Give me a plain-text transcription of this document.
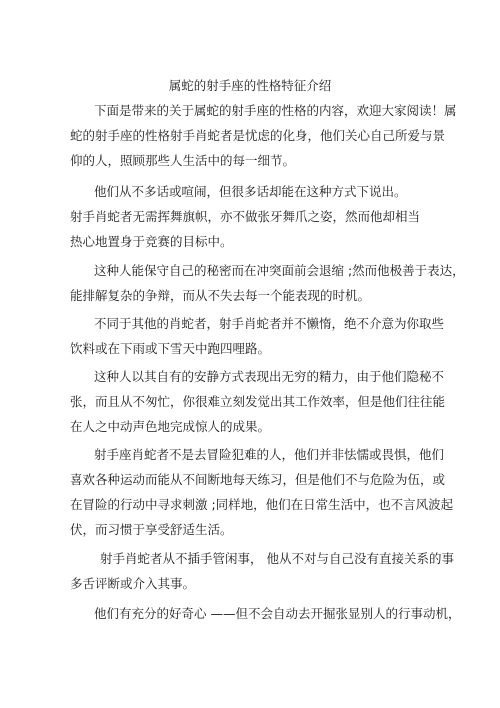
属蛇的射手座的性格特征介绍
下面是带来的关于属蛇的射手座的性格的内容，欢迎大家阅读！属
蛇的射手座的性格射手肖蛇者是忧虑的化身，他们关心自己所爱与景
仰的人，照顾那些人生活中的每一细节。
他们从不多话或喧闹，但很多话却能在这种方式下说出。
射手肖蛇者无需挥舞旗帜，亦不做张牙舞爪之姿，然而他却相当
热心地置身于竞赛的目标中。
这种人能保守自己的秘密而在冲突面前会退缩 ;然而他极善于表达，
能排解复杂的争辩，而从不失去每一个能表现的时机。
不同于其他的肖蛇者，射手肖蛇者并不懒惰，绝不介意为你取些
饮料或在下雨或下雪天中跑四哩路。
这种人以其自有的安静方式表现出无穷的精力，由于他们隐秘不
张，而且从不匆忙，你很难立刻发觉出其工作效率，但是他们往往能
在人之中动声色地完成惊人的成果。
射手座肖蛇者不是去冒险犯难的人，他们并非怯懦或畏惧，他们
喜欢各种运动而能从不间断地每天练习，但是他们不与危险为伍，或
在冒险的行动中寻求刺激 ;同样地，他们在日常生活中，也不言风波起
伏，而习惯于享受舒适生活。
射手肖蛇者从不插手管闲事， 他从不对与自己没有直接关系的事
多舌评断或介入其事。
他们有充分的好奇心 ——但不会自动去开掘张显别人的行事动机，
